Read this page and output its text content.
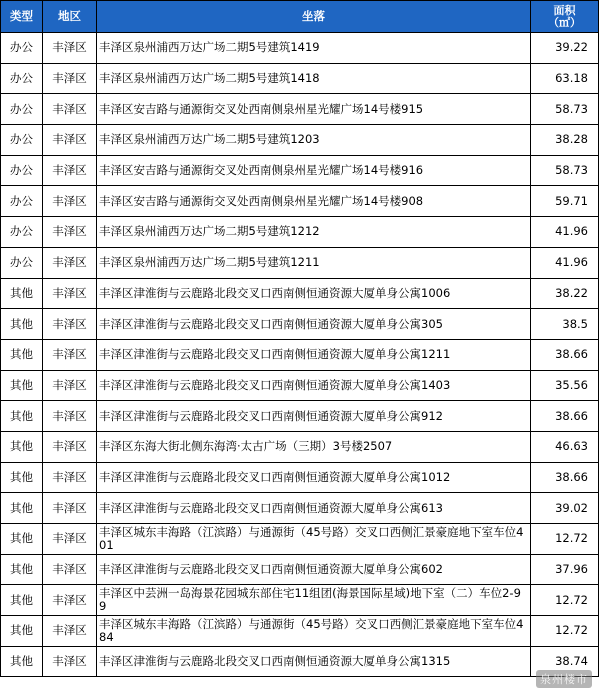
类型	地区	坐落	面积
（㎡）
办公	丰泽区	丰泽区泉州浦西万达广场二期5号建筑1419	39.22
办公	丰泽区	丰泽区泉州浦西万达广场二期5号建筑1418	63.18
办公	丰泽区	丰泽区安吉路与通源街交叉处西南侧泉州星光耀广场14号楼915	58.73
办公	丰泽区	丰泽区泉州浦西万达广场二期5号建筑1203	38.28
办公	丰泽区	丰泽区安吉路与通源街交叉处西南侧泉州星光耀广场14号楼916	58.73
办公	丰泽区	丰泽区安吉路与通源街交叉处西南侧泉州星光耀广场14号楼908	59.71
办公	丰泽区	丰泽区泉州浦西万达广场二期5号建筑1212	41.96
办公	丰泽区	丰泽区泉州浦西万达广场二期5号建筑1211	41.96
其他	丰泽区	丰泽区津淮街与云鹿路北段交叉口西南侧恒通资源大厦单身公寓1006	38.22
其他	丰泽区	丰泽区津淮街与云鹿路北段交叉口西南侧恒通资源大厦单身公寓305	38.5
其他	丰泽区	丰泽区津淮街与云鹿路北段交叉口西南侧恒通资源大厦单身公寓1211	38.66
其他	丰泽区	丰泽区津淮街与云鹿路北段交叉口西南侧恒通资源大厦单身公寓1403	35.56
其他	丰泽区	丰泽区津淮街与云鹿路北段交叉口西南侧恒通资源大厦单身公寓912	38.66
其他	丰泽区	丰泽区东海大街北侧东海湾·太古广场（三期）3号楼2507	46.63
其他	丰泽区	丰泽区津淮街与云鹿路北段交叉口西南侧恒通资源大厦单身公寓1012	38.66
其他	丰泽区	丰泽区津淮街与云鹿路北段交叉口西南侧恒通资源大厦单身公寓613	39.02
其他	丰泽区	丰泽区城东丰海路（江滨路）与通源街（45号路）交叉口西侧汇景豪庭地下室车位401	12.72
其他	丰泽区	丰泽区津淮街与云鹿路北段交叉口西南侧恒通资源大厦单身公寓602	37.96
其他	丰泽区	丰泽区中芸洲一岛海景花园城东部住宅11组团(海景国际星域)地下室（二）车位2-99	12.72
其他	丰泽区	丰泽区城东丰海路（江滨路）与通源街（45号路）交叉口西侧汇景豪庭地下室车位484	12.72
其他	丰泽区	丰泽区津淮街与云鹿路北段交叉口西南侧恒通资源大厦单身公寓1315	38.74
泉州楼市
